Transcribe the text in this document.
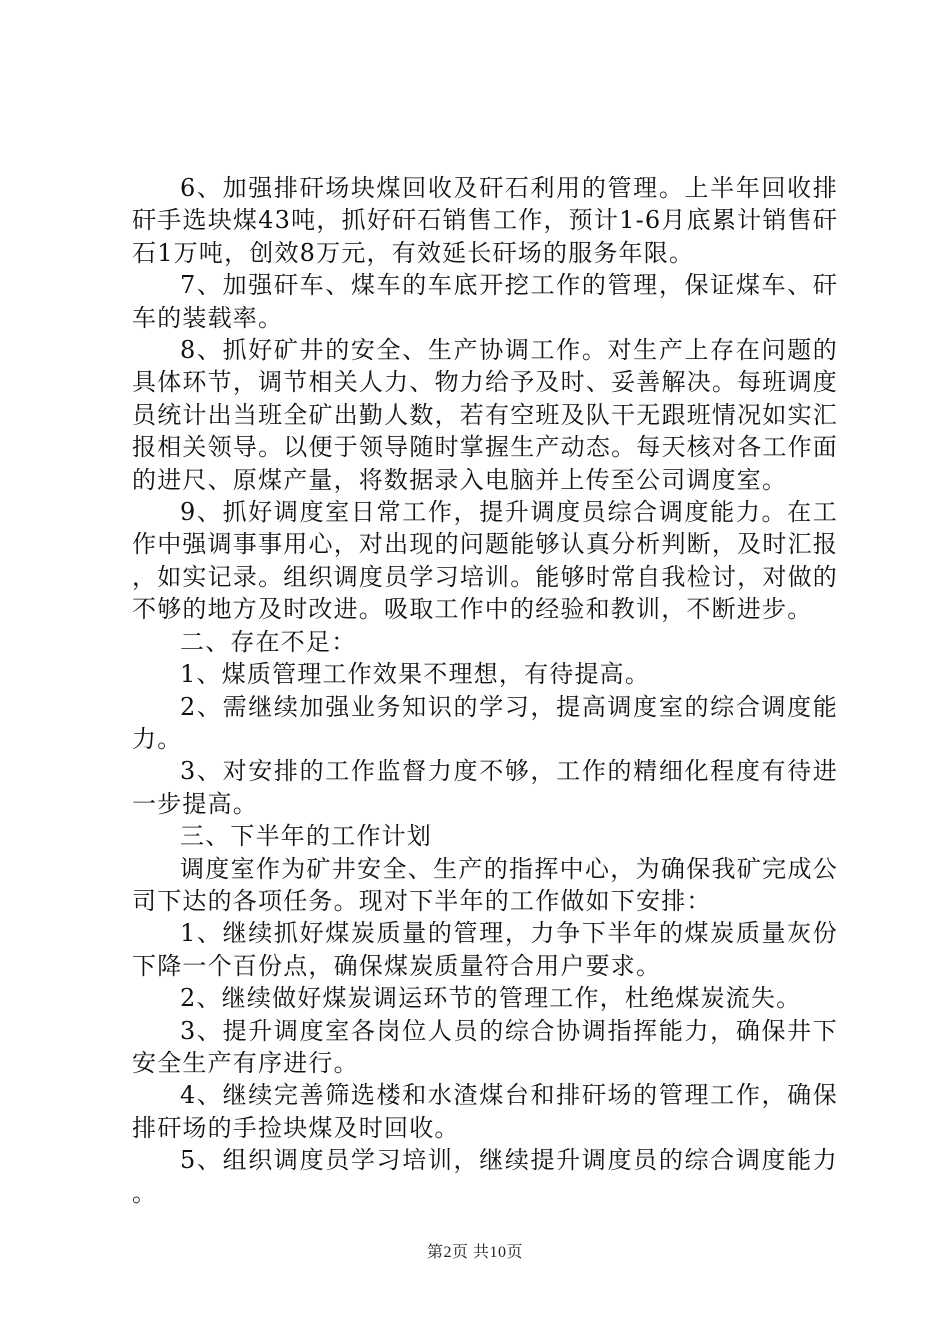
6、加强排矸场块煤回收及矸石利用的管理。上半年回收排矸手选块煤43吨，抓好矸石销售工作，预计1-6月底累计销售矸石1万吨，创效8万元，有效延长矸场的服务年限。

7、加强矸车、煤车的车底开挖工作的管理，保证煤车、矸车的装载率。

8、抓好矿井的安全、生产协调工作。对生产上存在问题的具体环节，调节相关人力、物力给予及时、妥善解决。每班调度员统计出当班全矿出勤人数，若有空班及队干无跟班情况如实汇报相关领导。以便于领导随时掌握生产动态。每天核对各工作面的进尺、原煤产量，将数据录入电脑并上传至公司调度室。

9、抓好调度室日常工作，提升调度员综合调度能力。在工作中强调事事用心，对出现的问题能够认真分析判断，及时汇报，如实记录。组织调度员学习培训。能够时常自我检讨，对做的不够的地方及时改进。吸取工作中的经验和教训，不断进步。

二、存在不足：

1、煤质管理工作效果不理想，有待提高。

2、需继续加强业务知识的学习，提高调度室的综合调度能力。

3、对安排的工作监督力度不够，工作的精细化程度有待进一步提高。

三、下半年的工作计划

调度室作为矿井安全、生产的指挥中心，为确保我矿完成公司下达的各项任务。现对下半年的工作做如下安排：

1、继续抓好煤炭质量的管理，力争下半年的煤炭质量灰份下降一个百份点，确保煤炭质量符合用户要求。

2、继续做好煤炭调运环节的管理工作，杜绝煤炭流失。

3、提升调度室各岗位人员的综合协调指挥能力，确保井下安全生产有序进行。

4、继续完善筛选楼和水渣煤台和排矸场的管理工作，确保排矸场的手捡块煤及时回收。

5、组织调度员学习培训，继续提升调度员的综合调度能力。

第2页 共10页
